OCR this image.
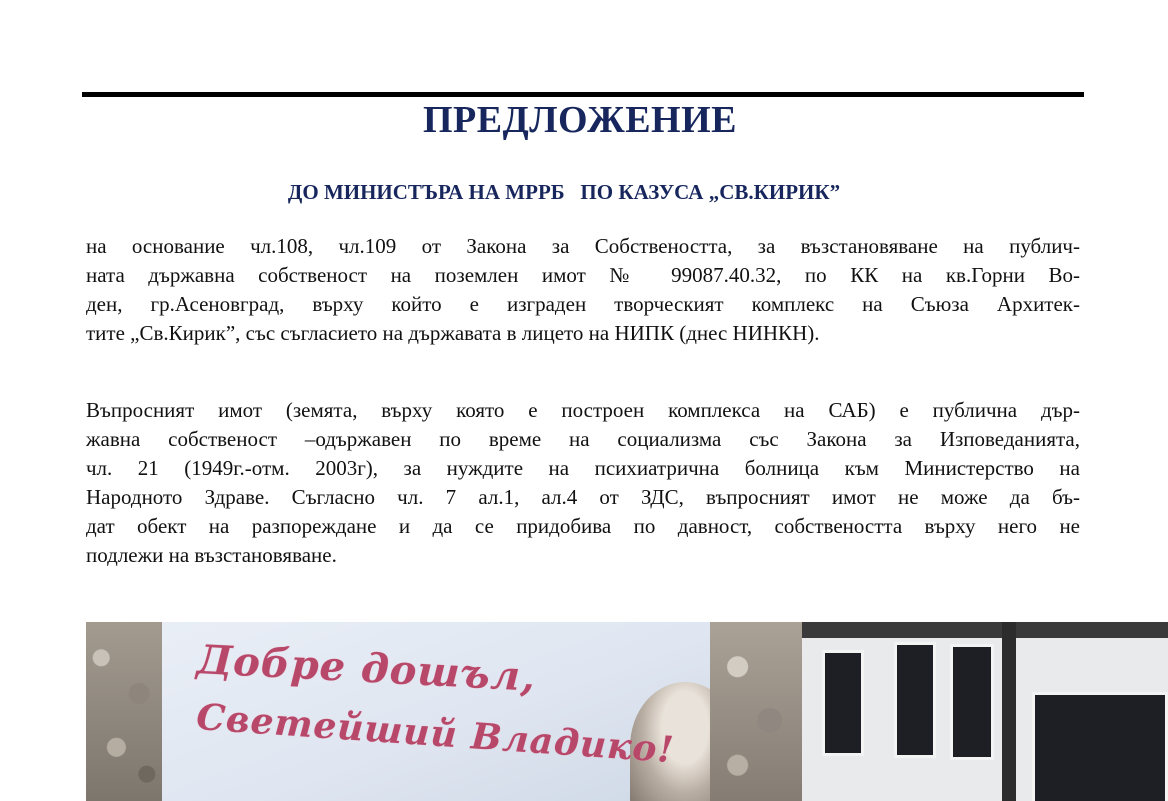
ПРЕДЛОЖЕНИЕ
ДО МИНИСТЪРА НА МРРБ   ПО КАЗУСА „СВ.КИРИК”

на основание чл.108, чл.109 от Закона за Собствеността, за възстановяване на публич-
ната държавна собственост на поземлен имот № 99087.40.32, по КК на кв.Горни Во-
ден, гр.Асеновград, върху който е изграден творческият комплекс на Съюза Архитек-
тите „Св.Кирик”, със съгласието на държавата в лицето на НИПК (днес НИНКН).

Въпросният имот (земята, върху която е построен комплекса на САБ) е публична дър-
жавна собственост –одържавен по време на социализма със Закона за Изповеданията,
чл. 21 (1949г.-отм. 2003г), за нуждите на психиатрична болница към Министерство на
Народното Здраве. Съгласно чл. 7 ал.1, ал.4 от ЗДС, въпросният имот не може да бъ-
дат обект на разпореждане и да се придобива по давност, собствеността върху него не
подлежи на възстановяване.

Добре дошъл,
Светейший Владико!
